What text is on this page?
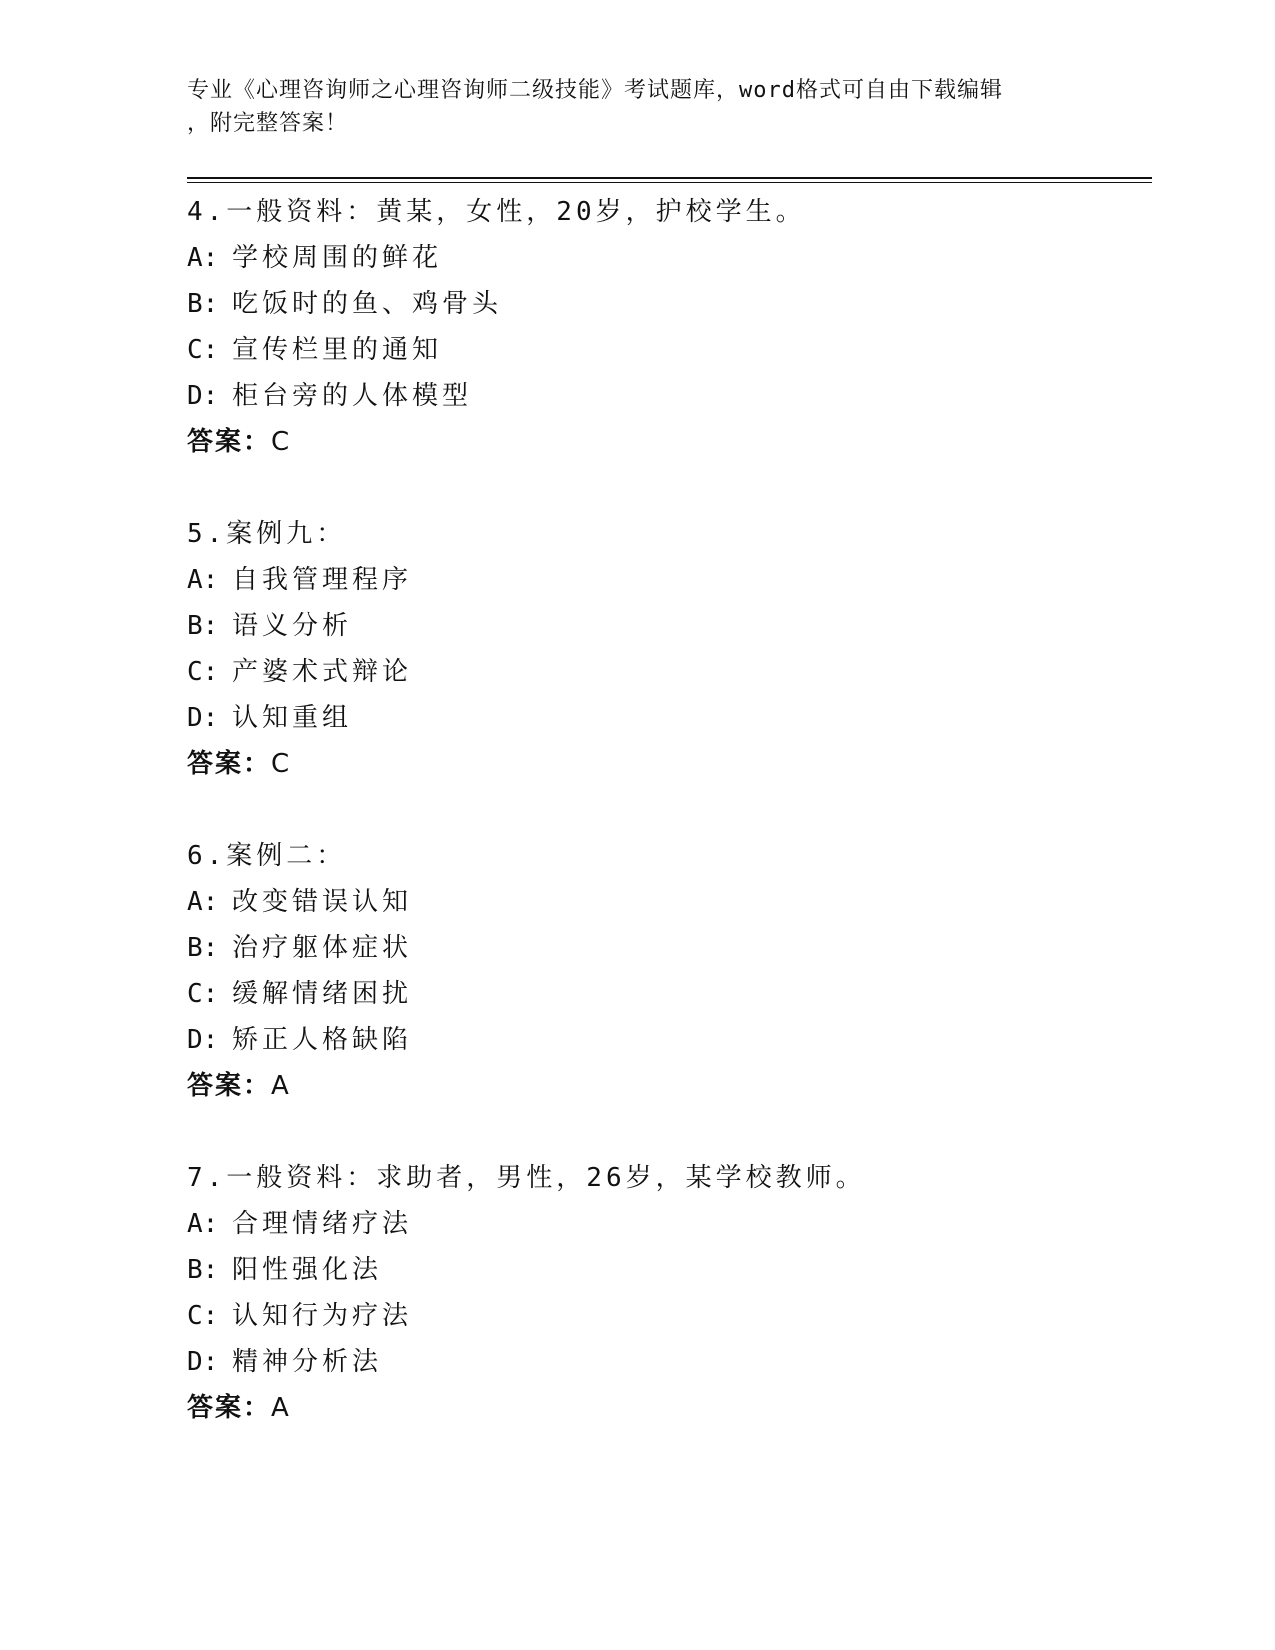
专业《心理咨询师之心理咨询师二级技能》考试题库，word格式可自由下载编辑
，附完整答案！
4.一般资料：黄某，女性，20岁，护校学生。
A: 学校周围的鲜花
B: 吃饭时的鱼、鸡骨头
C: 宣传栏里的通知
D: 柜台旁的人体模型
答案：C
5.案例九：
A: 自我管理程序
B: 语义分析
C: 产婆术式辩论
D: 认知重组
答案：C
6.案例二：
A: 改变错误认知
B: 治疗躯体症状
C: 缓解情绪困扰
D: 矫正人格缺陷
答案：A
7.一般资料：求助者，男性，26岁，某学校教师。
A: 合理情绪疗法
B: 阳性强化法
C: 认知行为疗法
D: 精神分析法
答案：A
